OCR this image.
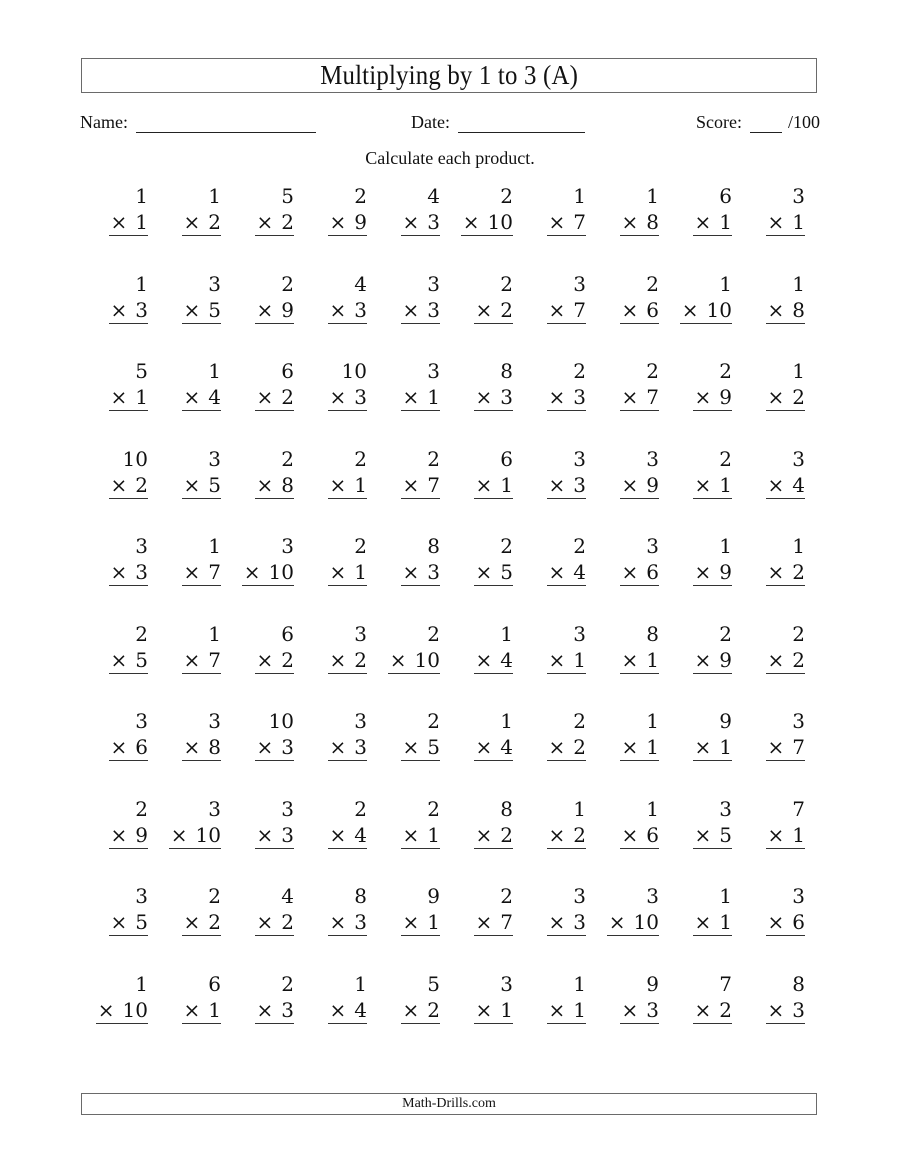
Multiplying by 1 to 3 (A)
Name:	Date:	Score:	/100
Calculate each product.
1
× 1
1
× 2
5
× 2
2
× 9
4
× 3
2
× 10
1
× 7
1
× 8
6
× 1
3
× 1
1
× 3
3
× 5
2
× 9
4
× 3
3
× 3
2
× 2
3
× 7
2
× 6
1
× 10
1
× 8
5
× 1
1
× 4
6
× 2
10
× 3
3
× 1
8
× 3
2
× 3
2
× 7
2
× 9
1
× 2
10
× 2
3
× 5
2
× 8
2
× 1
2
× 7
6
× 1
3
× 3
3
× 9
2
× 1
3
× 4
3
× 3
1
× 7
3
× 10
2
× 1
8
× 3
2
× 5
2
× 4
3
× 6
1
× 9
1
× 2
2
× 5
1
× 7
6
× 2
3
× 2
2
× 10
1
× 4
3
× 1
8
× 1
2
× 9
2
× 2
3
× 6
3
× 8
10
× 3
3
× 3
2
× 5
1
× 4
2
× 2
1
× 1
9
× 1
3
× 7
2
× 9
3
× 10
3
× 3
2
× 4
2
× 1
8
× 2
1
× 2
1
× 6
3
× 5
7
× 1
3
× 5
2
× 2
4
× 2
8
× 3
9
× 1
2
× 7
3
× 3
3
× 10
1
× 1
3
× 6
1
× 10
6
× 1
2
× 3
1
× 4
5
× 2
3
× 1
1
× 1
9
× 3
7
× 2
8
× 3
Math-Drills.com
